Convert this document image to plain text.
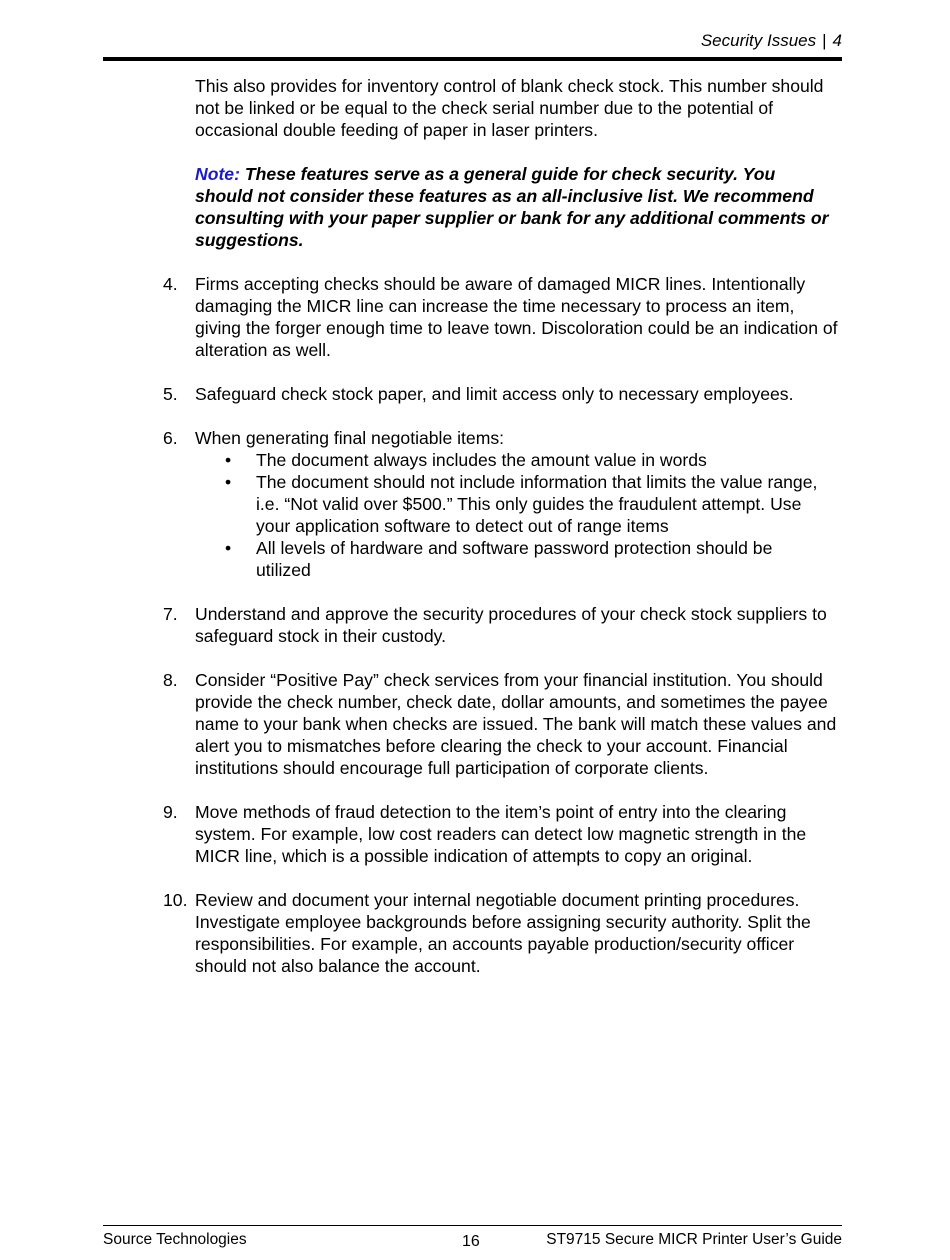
Security Issues | 4

This also provides for inventory control of blank check stock. This number should not be linked or be equal to the check serial number due to the potential of occasional double feeding of paper in laser printers.

Note: These features serve as a general guide for check security. You should not consider these features as an all-inclusive list. We recommend consulting with your paper supplier or bank for any additional comments or suggestions.

4. Firms accepting checks should be aware of damaged MICR lines. Intentionally damaging the MICR line can increase the time necessary to process an item, giving the forger enough time to leave town. Discoloration could be an indication of alteration as well.
5. Safeguard check stock paper, and limit access only to necessary employees.
6. When generating final negotiable items:
• The document always includes the amount value in words
• The document should not include information that limits the value range, i.e. “Not valid over $500.” This only guides the fraudulent attempt. Use your application software to detect out of range items
• All levels of hardware and software password protection should be utilized
7. Understand and approve the security procedures of your check stock suppliers to safeguard stock in their custody.
8. Consider “Positive Pay” check services from your financial institution. You should provide the check number, check date, dollar amounts, and sometimes the payee name to your bank when checks are issued. The bank will match these values and alert you to mismatches before clearing the check to your account. Financial institutions should encourage full participation of corporate clients.
9. Move methods of fraud detection to the item’s point of entry into the clearing system. For example, low cost readers can detect low magnetic strength in the MICR line, which is a possible indication of attempts to copy an original.
10. Review and document your internal negotiable document printing procedures. Investigate employee backgrounds before assigning security authority. Split the responsibilities. For example, an accounts payable production/security officer should not also balance the account.
Source Technologies	16	ST9715 Secure MICR Printer User’s Guide
